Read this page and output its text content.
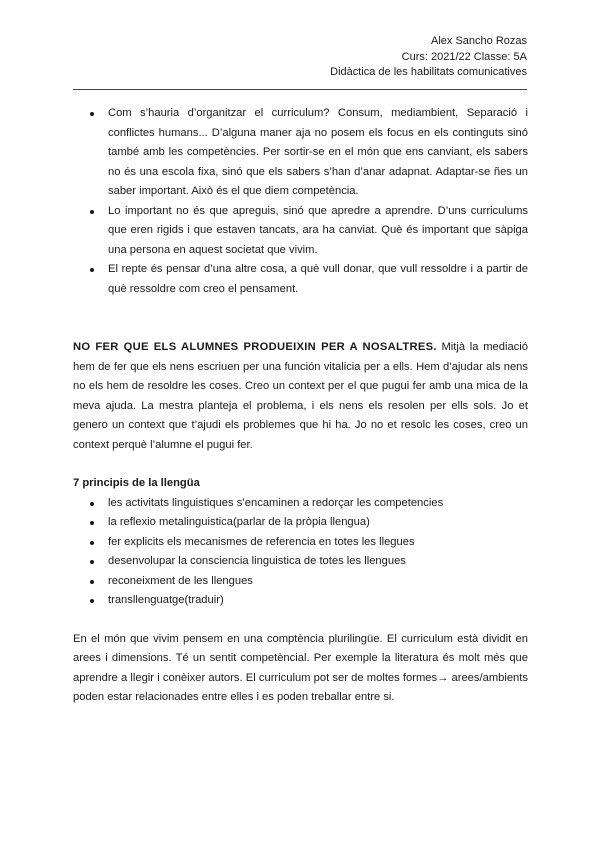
Alex Sancho Rozas
Curs: 2021/22 Classe: 5A
Didàctica de les habilitats comunicatives
Com s’hauria d’organitzar el curriculum? Consum, mediambient, Separació i conflictes humans... D’alguna maner aja no posem els focus en els continguts sinó també amb les competències. Per sortir-se en el món que ens canviant, els sabers no és una escola fixa, sinó que els sabers s’han d’anar adapnat. Adaptar-se ñes un saber important. Això és el que diem competència.
Lo important no és que apreguis, sinó que apredre a aprendre. D’uns curriculums que eren rigids i que estaven tancats, ara ha canviat. Què és important que sàpiga una persona en aquest societat que vivim.
El repte és pensar d’una altre cosa, a què vull donar, que vull ressoldre i a partir de què ressoldre com creo el pensament.

NO FER QUE ELS ALUMNES PRODUEIXIN PER A NOSALTRES. Mitjà la mediació hem de fer que els nens escriuen per una función vitalicia per a ells. Hem d’ajudar als nens no els hem de resoldre les coses. Creo un context per el que pugui fer amb una mica de la meva ajuda. La mestra planteja el problema, i els nens els resolen per ells sols. Jo et genero un context que t’ajudi els problemes que hi ha. Jo no et resolc les coses, creo un context perquè l’alumne el pugui fer.

7 principis de la llengüa

les activitats linguistiques s’encaminen a redorçar les competencies
la reflexio metalinguistica(parlar de la pròpia llengua)
fer explicits els mecanismes de referencia en totes les llegues
desenvolupar la consciencia linguistica de totes les llengues
reconeixment de les llengues
transllenguatge(traduir)

En el món que vivim pensem en una comptència plurilingüe. El curriculum està dividit en arees i dimensions. Té un sentit competèncial. Per exemple la literatura és molt més que aprendre a llegir i conèixer autors. El curriculum pot ser de moltes formes→ arees/ambients poden estar relacionades entre elles i es poden treballar entre si.
